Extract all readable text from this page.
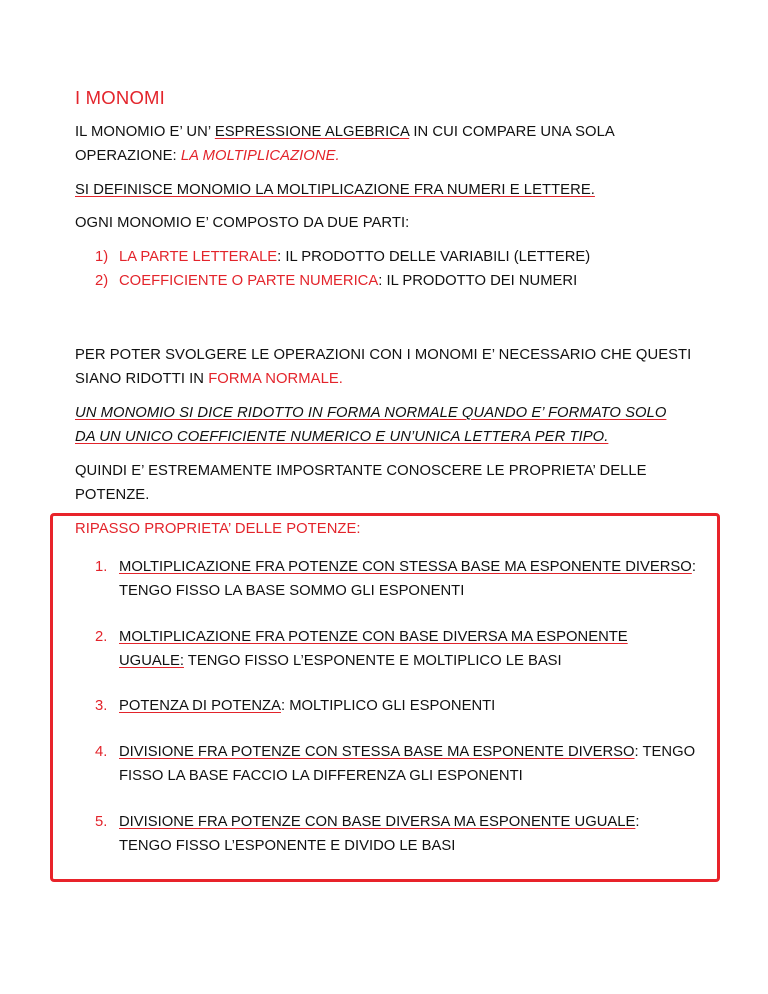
I MONOMI
IL MONOMIO E’ UN’ ESPRESSIONE ALGEBRICA IN CUI COMPARE UNA SOLA
OPERAZIONE: LA MOLTIPLICAZIONE.
SI DEFINISCE MONOMIO LA MOLTIPLICAZIONE FRA NUMERI E LETTERE.
OGNI MONOMIO E’ COMPOSTO DA DUE PARTI:
1) LA PARTE LETTERALE: IL PRODOTTO DELLE VARIABILI (LETTERE)
2) COEFFICIENTE O PARTE NUMERICA: IL PRODOTTO DEI NUMERI
PER POTER SVOLGERE LE OPERAZIONI CON I MONOMI E’ NECESSARIO CHE QUESTI
SIANO RIDOTTI IN FORMA NORMALE.
UN MONOMIO SI DICE RIDOTTO IN FORMA NORMALE QUANDO E’ FORMATO SOLO
DA UN UNICO COEFFICIENTE NUMERICO E UN’UNICA LETTERA PER TIPO.
QUINDI E’ ESTREMAMENTE IMPOSRTANTE CONOSCERE LE PROPRIETA’ DELLE
POTENZE.
RIPASSO PROPRIETA’ DELLE POTENZE:
1. MOLTIPLICAZIONE FRA POTENZE CON STESSA BASE MA ESPONENTE DIVERSO:
TENGO FISSO LA BASE SOMMO GLI ESPONENTI
2. MOLTIPLICAZIONE FRA POTENZE CON BASE DIVERSA MA ESPONENTE
UGUALE: TENGO FISSO L’ESPONENTE E MOLTIPLICO LE BASI
3. POTENZA DI POTENZA: MOLTIPLICO GLI ESPONENTI
4. DIVISIONE FRA POTENZE CON STESSA BASE MA ESPONENTE DIVERSO: TENGO
FISSO LA BASE FACCIO LA DIFFERENZA GLI ESPONENTI
5. DIVISIONE FRA POTENZE CON BASE DIVERSA MA ESPONENTE UGUALE:
TENGO FISSO L’ESPONENTE E DIVIDO LE BASI
